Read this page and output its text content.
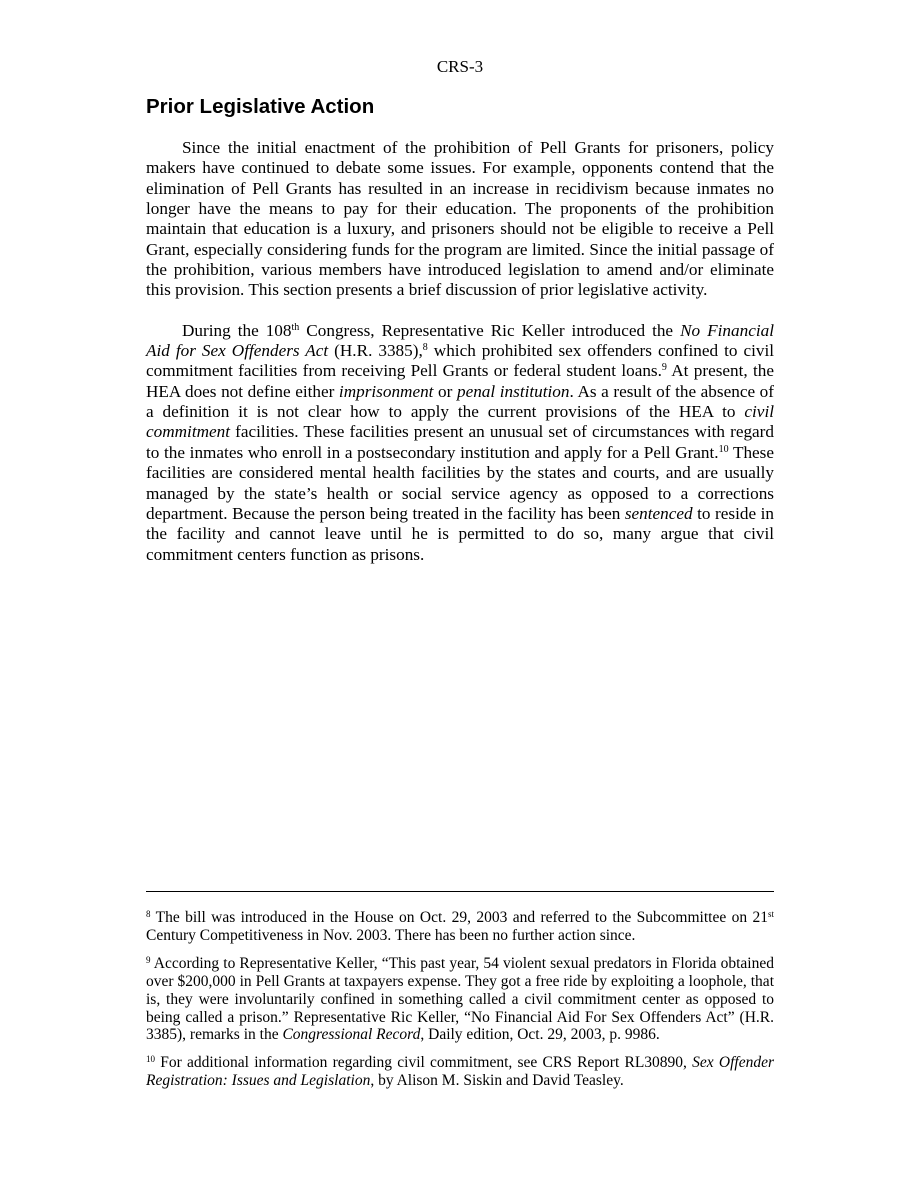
CRS-3
Prior Legislative Action

Since the initial enactment of the prohibition of Pell Grants for prisoners, policy makers have continued to debate some issues. For example, opponents contend that the elimination of Pell Grants has resulted in an increase in recidivism because inmates no longer have the means to pay for their education. The proponents of the prohibition maintain that education is a luxury, and prisoners should not be eligible to receive a Pell Grant, especially considering funds for the program are limited. Since the initial passage of the prohibition, various members have introduced legislation to amend and/or eliminate this provision. This section presents a brief discussion of prior legislative activity.

During the 108th Congress, Representative Ric Keller introduced the No Financial Aid for Sex Offenders Act (H.R. 3385),$^8$ which prohibited sex offenders confined to civil commitment facilities from receiving Pell Grants or federal student loans.$^9$ At present, the HEA does not define either imprisonment or penal institution. As a result of the absence of a definition it is not clear how to apply the current provisions of the HEA to civil commitment facilities. These facilities present an unusual set of circumstances with regard to the inmates who enroll in a postsecondary institution and apply for a Pell Grant.$^{10}$ These facilities are considered mental health facilities by the states and courts, and are usually managed by the state’s health or social service agency as opposed to a corrections department. Because the person being treated in the facility has been sentenced to reside in the facility and cannot leave until he is permitted to do so, many argue that civil commitment centers function as prisons.

$^8$ The bill was introduced in the House on Oct. 29, 2003 and referred to the Subcommittee on 21st Century Competitiveness in Nov. 2003. There has been no further action since.

$^9$ According to Representative Keller, “This past year, 54 violent sexual predators in Florida obtained over $200,000 in Pell Grants at taxpayers expense. They got a free ride by exploiting a loophole, that is, they were involuntarily confined in something called a civil commitment center as opposed to being called a prison.” Representative Ric Keller, “No Financial Aid For Sex Offenders Act” (H.R. 3385), remarks in the Congressional Record, Daily edition, Oct. 29, 2003, p. 9986.

$^{10}$ For additional information regarding civil commitment, see CRS Report RL30890, Sex Offender Registration: Issues and Legislation, by Alison M. Siskin and David Teasley.
